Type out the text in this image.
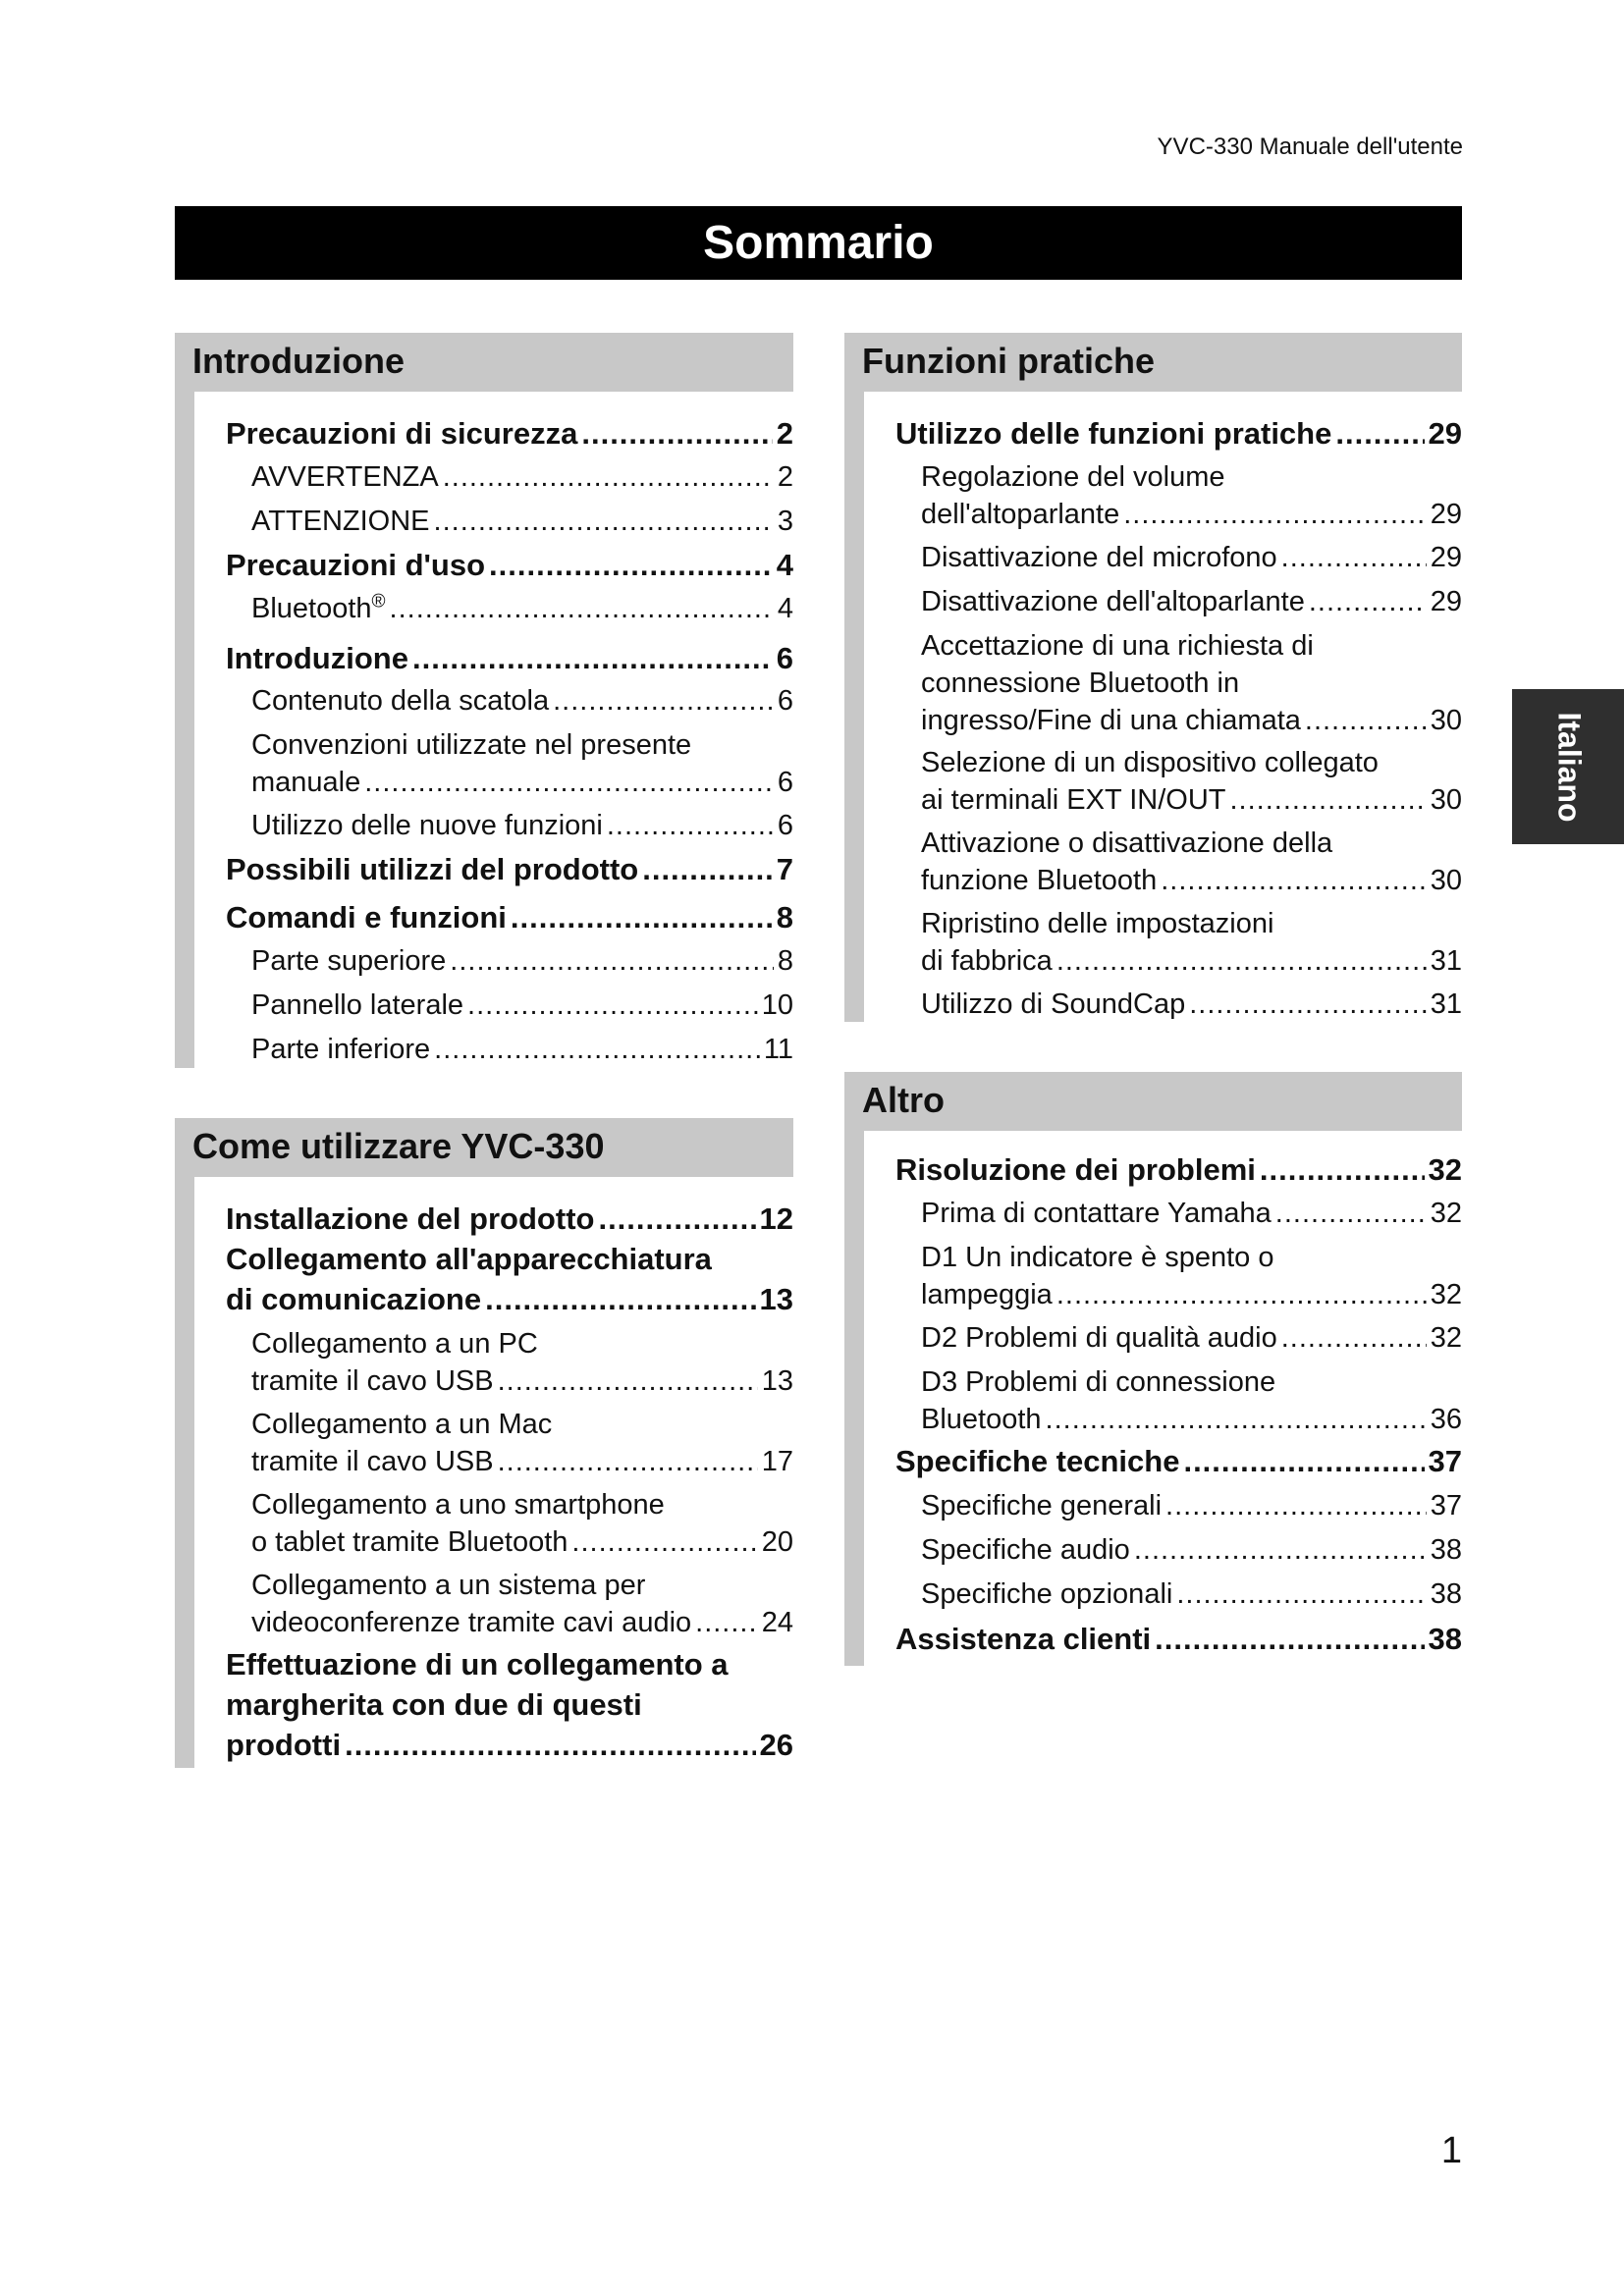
YVC-330 Manuale dell'utente
Sommario
Italiano
Introduzione
Precauzioni di sicurezza .....	2
AVVERTENZA .....	2
ATTENZIONE .....	3
Precauzioni d'uso .....	4
Bluetooth® .....	4
Introduzione .....	6
Contenuto della scatola .....	6
Convenzioni utilizzate nel presente
manuale .....	6
Utilizzo delle nuove funzioni .....	6
Possibili utilizzi del prodotto .....	7
Comandi e funzioni .....	8
Parte superiore .....	8
Pannello laterale .....	10
Parte inferiore .....	11
Come utilizzare YVC-330
Installazione del prodotto .....	12
Collegamento all'apparecchiatura
di comunicazione .....	13
Collegamento a un PC
tramite il cavo USB .....	13
Collegamento a un Mac
tramite il cavo USB .....	17
Collegamento a uno smartphone
o tablet tramite Bluetooth .....	20
Collegamento a un sistema per
videoconferenze tramite cavi audio ..... 24
Effettuazione di un collegamento a
margherita con due di questi
prodotti .....	26
Funzioni pratiche
Utilizzo delle funzioni pratiche .....	29
Regolazione del volume
dell'altoparlante .....	29
Disattivazione del microfono .....	29
Disattivazione dell'altoparlante .....	29
Accettazione di una richiesta di
connessione Bluetooth in
ingresso/Fine di una chiamata .....	30
Selezione di un dispositivo collegato
ai terminali EXT IN/OUT .....	30
Attivazione o disattivazione della
funzione Bluetooth .....	30
Ripristino delle impostazioni
di fabbrica .....	31
Utilizzo di SoundCap .....	31
Altro
Risoluzione dei problemi .....	32
Prima di contattare Yamaha .....	32
D1 Un indicatore è spento o
lampeggia .....	32
D2 Problemi di qualità audio .....	32
D3 Problemi di connessione
Bluetooth .....	36
Specifiche tecniche .....	37
Specifiche generali .....	37
Specifiche audio .....	38
Specifiche opzionali .....	38
Assistenza clienti .....	38
1
